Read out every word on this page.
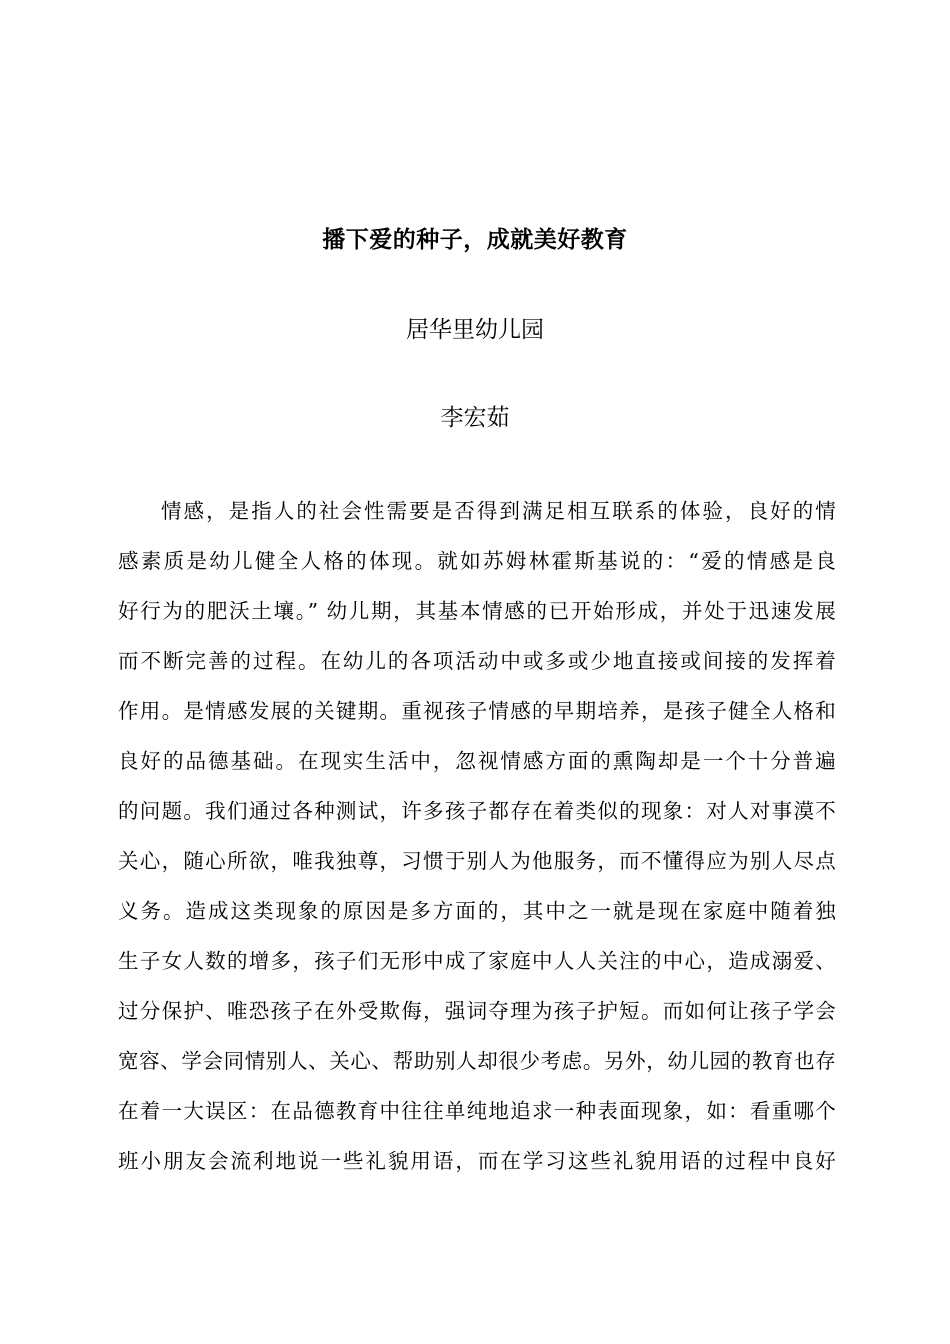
播下爱的种子，成就美好教育
居华里幼儿园
李宏茹
情感，是指人的社会性需要是否得到满足相互联系的体验，良好的情
感素质是幼儿健全人格的体现。就如苏姆林霍斯基说的：“爱的情感是良
好行为的肥沃土壤。” 幼儿期，其基本情感的已开始形成，并处于迅速发展
而不断完善的过程。在幼儿的各项活动中或多或少地直接或间接的发挥着
作用。是情感发展的关键期。重视孩子情感的早期培养，是孩子健全人格和
良好的品德基础。在现实生活中，忽视情感方面的熏陶却是一个十分普遍
的问题。我们通过各种测试，许多孩子都存在着类似的现象：对人对事漠不
关心，随心所欲，唯我独尊，习惯于别人为他服务，而不懂得应为别人尽点
义务。造成这类现象的原因是多方面的，其中之一就是现在家庭中随着独
生子女人数的增多，孩子们无形中成了家庭中人人关注的中心，造成溺爱、
过分保护、唯恐孩子在外受欺侮，强词夺理为孩子护短。而如何让孩子学会
宽容、学会同情别人、关心、帮助别人却很少考虑。另外，幼儿园的教育也存
在着一大误区：在品德教育中往往单纯地追求一种表面现象，如：看重哪个
班小朋友会流利地说一些礼貌用语，而在学习这些礼貌用语的过程中良好
